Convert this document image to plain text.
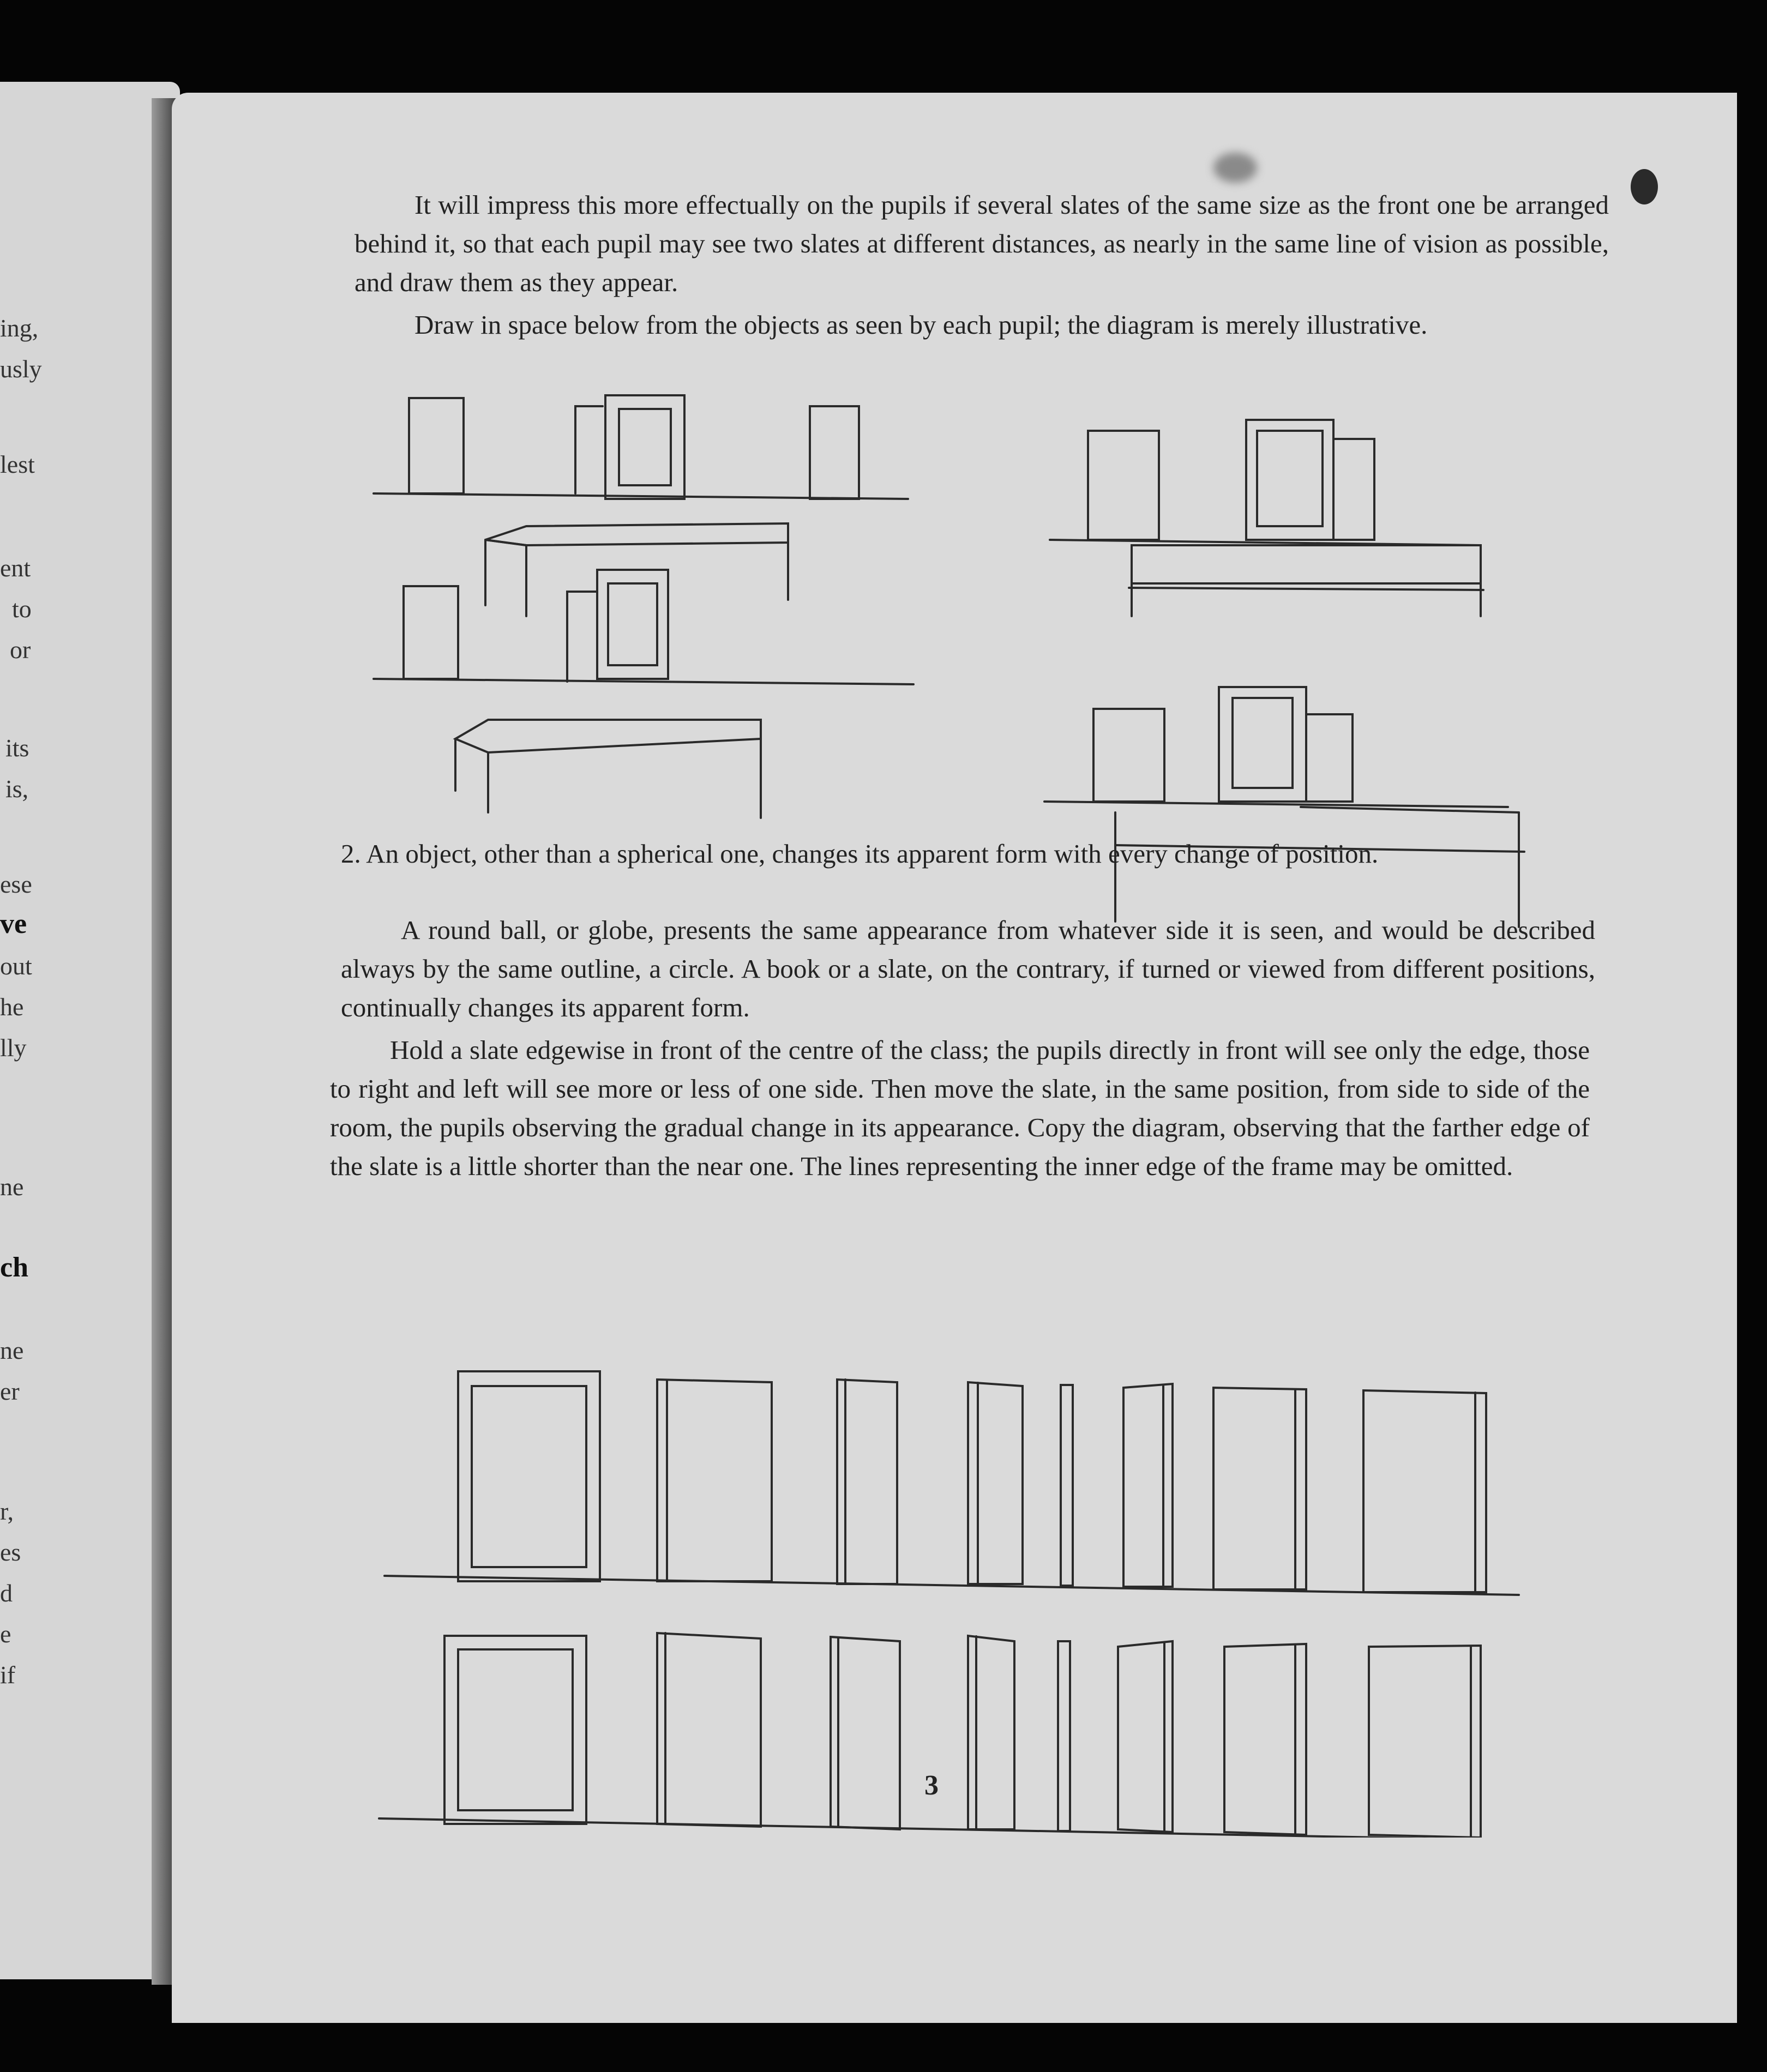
ing,
usly
lest
ent
to
or
its
is,
ese
ve
out
he
lly
ne
ch
ne
er
r,
es
d
e
if

It will impress this more effectually on the pupils if several slates of the same size as the front one be arranged behind it, so that each pupil may see two slates at different distances, as nearly in the same line of vision as possible, and draw them as they appear.

Draw in space below from the objects as seen by each pupil; the diagram is merely illustrative.

2. An object, other than a spherical one, changes its apparent form with every change of position.

A round ball, or globe, presents the same appearance from whatever side it is seen, and would be described always by the same outline, a circle. A book or a slate, on the contrary, if turned or viewed from different positions, continually changes its apparent form.

Hold a slate edgewise in front of the centre of the class; the pupils directly in front will see only the edge, those to right and left will see more or less of one side. Then move the slate, in the same position, from side to side of the room, the pupils observing the gradual change in its appearance. Copy the diagram, observing that the farther edge of the slate is a little shorter than the near one. The lines representing the inner edge of the frame may be omitted.

3
